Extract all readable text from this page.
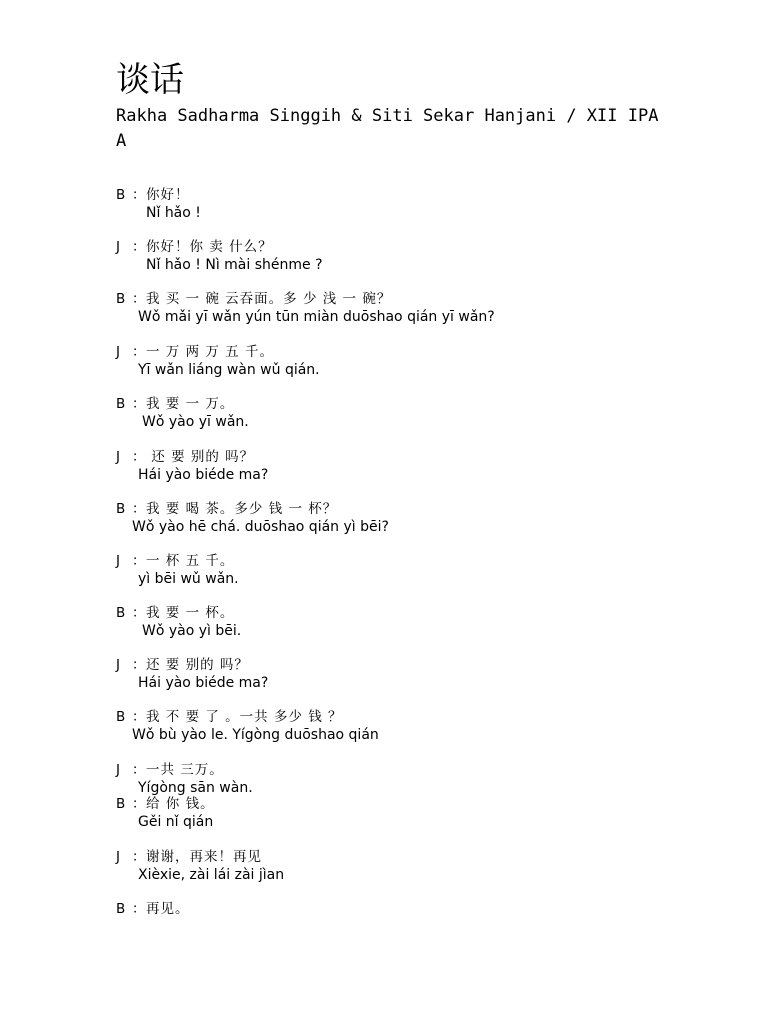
谈话
Rakha Sadharma Singgih & Siti Sekar Hanjani / XII IPA A
B ：你好！
Nǐ hǎo !
J ：你好！你 卖 什么？
Nǐ hǎo ! Nì mài shénme ?
B ：我 买 一 碗 云吞面。多 少 浅 一 碗？
Wǒ mǎi yī wǎn yún tūn miàn duōshao qián yī wǎn?
J ：一 万 两 万 五 千。
Yī wǎn liáng wàn wǔ qián.
B ：我 要 一 万。
Wǒ yào yī wǎn.
J ： 还 要 别的 吗？
Hái yào biéde ma?
B ：我 要 喝 茶。多少 钱 一 杯？
Wǒ yào hē chá. duōshao qián yì bēi?
J ：一 杯 五 千。
yì bēi wǔ wǎn.
B ：我 要 一 杯。
Wǒ yào yì bēi.
J ：还 要 别的 吗？
Hái yào biéde ma?
B ：我 不 要 了 。一共 多少 钱 ？
Wǒ bù yào le. Yígòng duōshao qián
J ：一共 三万。
Yígòng sān wàn.
B ：给 你 钱。
Gěi nǐ qián
J ：谢谢，再来！再见
Xièxie, zài lái zài jìan
B ：再见。
